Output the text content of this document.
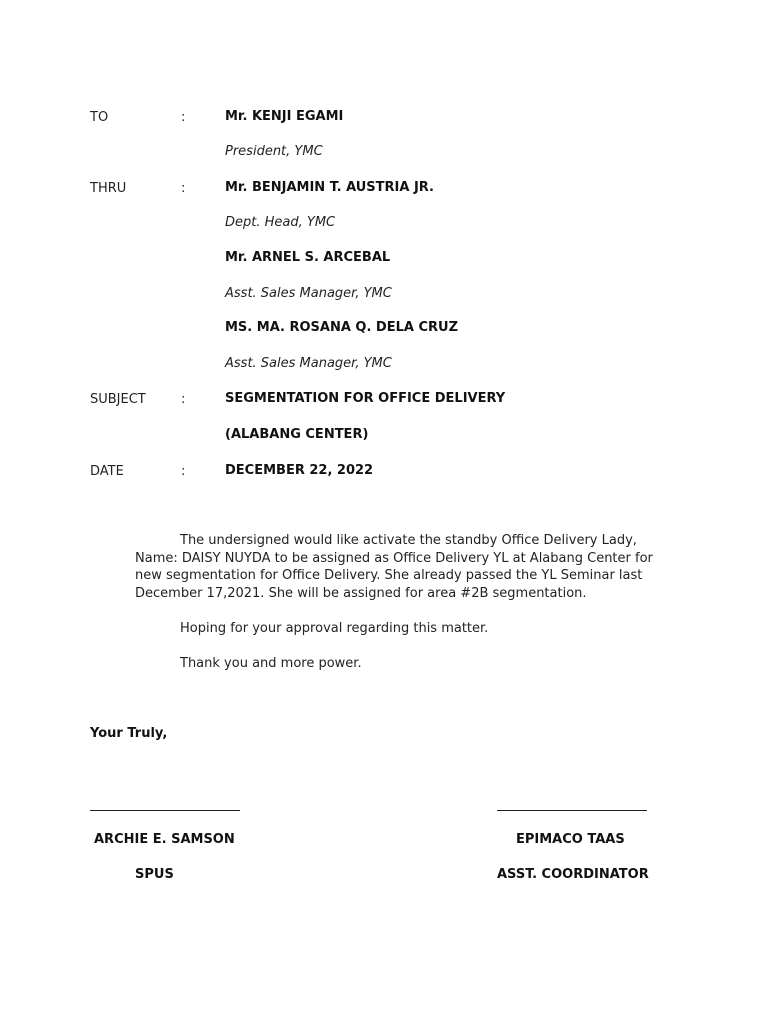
TO	:	Mr. KENJI EGAMI
President, YMC
THRU	:	Mr. BENJAMIN T. AUSTRIA JR.
Dept. Head, YMC
Mr. ARNEL S. ARCEBAL
Asst. Sales Manager, YMC
MS. MA. ROSANA Q. DELA CRUZ
Asst. Sales Manager, YMC
SUBJECT	:	SEGMENTATION FOR OFFICE DELIVERY
(ALABANG CENTER)
DATE	:	DECEMBER 22, 2022
The undersigned would like activate the standby Office Delivery Lady, Name: DAISY NUYDA to be assigned as Office Delivery YL at Alabang Center for new segmentation for Office Delivery. She already passed the YL Seminar last December 17,2021. She will be assigned for area #2B segmentation.
Hoping for your approval regarding this matter.
Thank you and more power.
Your Truly,
ARCHIE E. SAMSON
SPUS
EPIMACO TAAS
ASST. COORDINATOR
